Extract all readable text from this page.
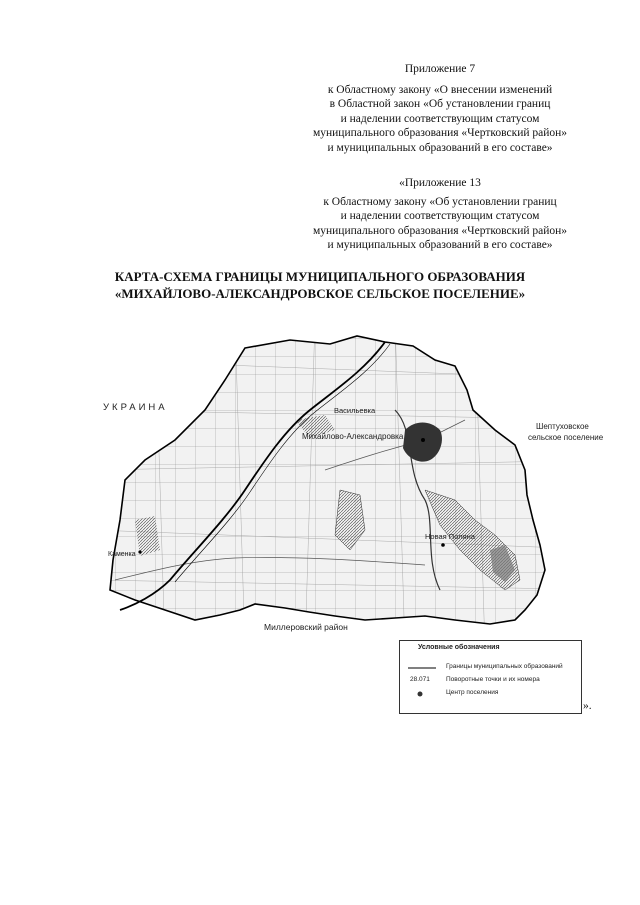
Приложение 7
к Областному закону «О внесении изменений
в Областной закон «Об установлении границ
и наделении соответствующим статусом
муниципального образования «Чертковский район»
и муниципальных образований в его составе»
«Приложение 13
к Областному закону «Об установлении границ
и наделении соответствующим статусом
муниципального образования «Чертковский район»
и муниципальных образований в его составе»
КАРТА-СХЕМА ГРАНИЦЫ МУНИЦИПАЛЬНОГО ОБРАЗОВАНИЯ
«МИХАЙЛОВО-АЛЕКСАНДРОВСКОЕ СЕЛЬСКОЕ ПОСЕЛЕНИЕ»
УКРАИНА
Шептуховское
сельское поселение
Миллеровский район
Михайлово-Александровка
Новая Поляна
Васильевка
Каменка
Условные обозначения
Границы муниципальных образований
28.071	Поворотные точки и их номера
Центр поселения
».
